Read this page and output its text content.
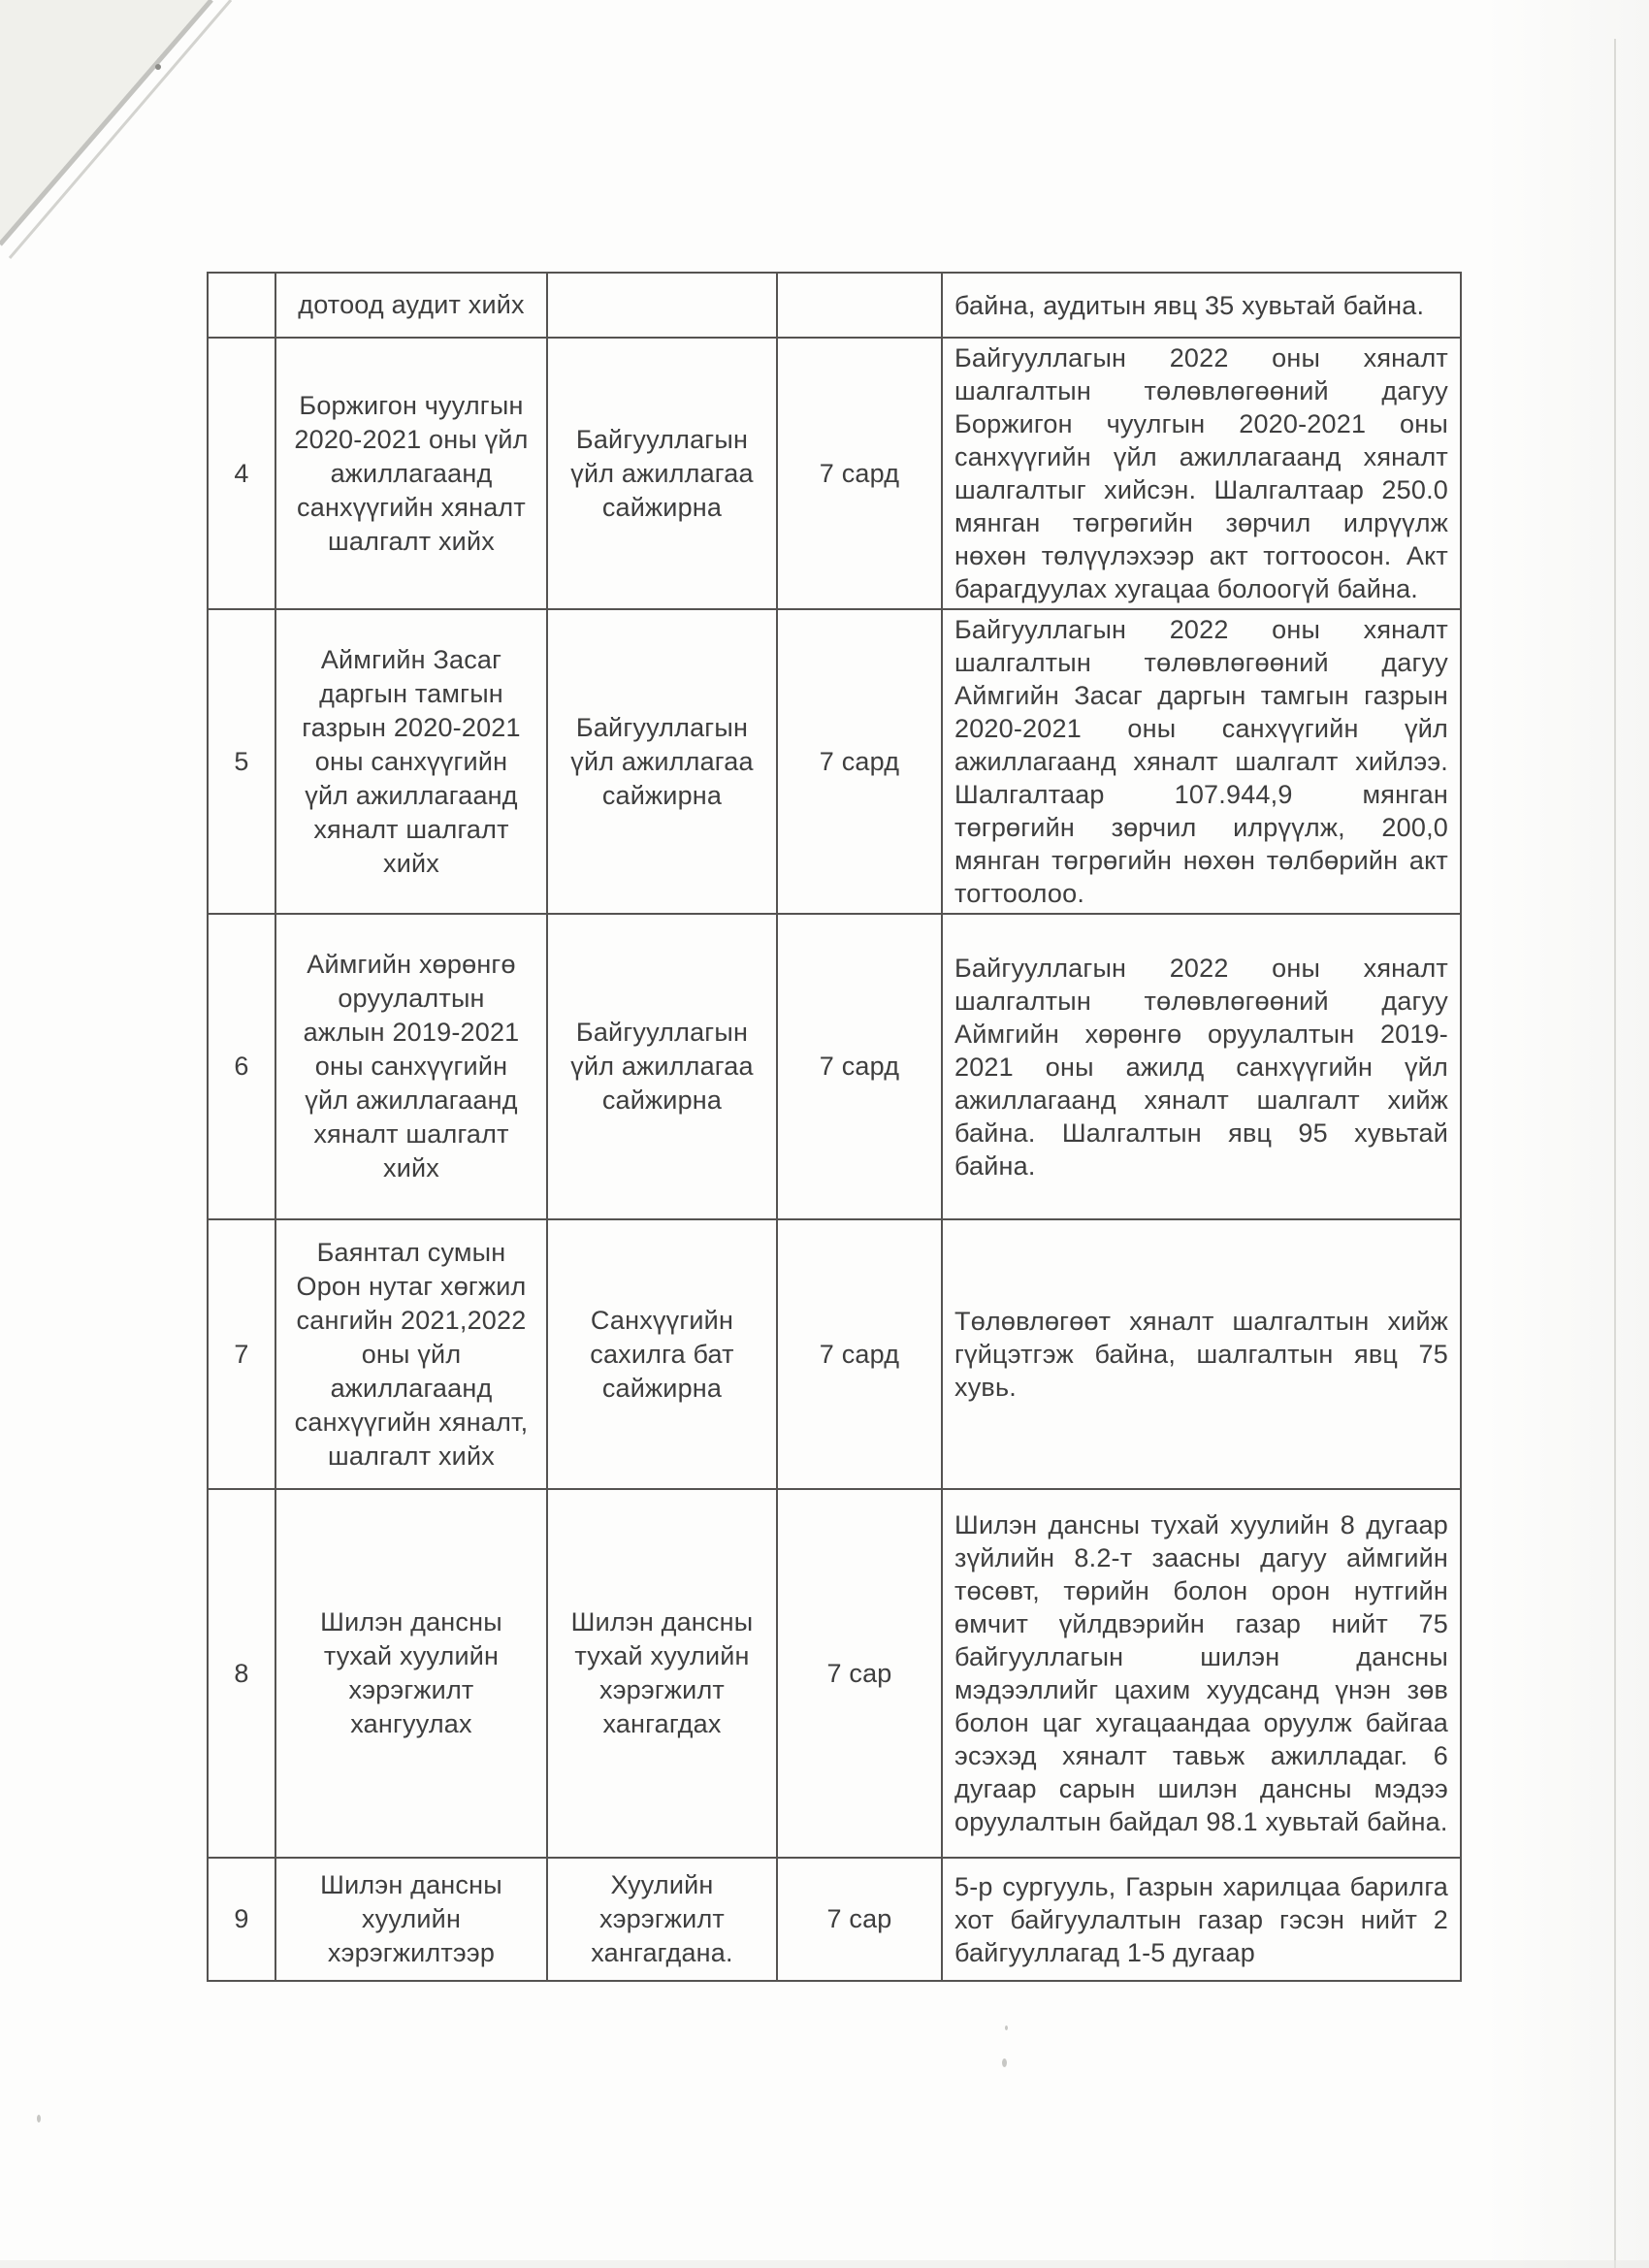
	дотоод аудит хийх			байна, аудитын явц 35 хувьтай байна.
4	Боржигон чуулгын 2020-2021 оны үйл ажиллагаанд санхүүгийн хяналт шалгалт хийх	Байгууллагын үйл ажиллагаа сайжирна	7 сард	Байгууллагын 2022 оны хяналт шалгалтын төлөвлөгөөний дагуу Боржигон чуулгын 2020-2021 оны санхүүгийн үйл ажиллагаанд хяналт шалгалтыг хийсэн. Шалгалтаар 250.0 мянган төгрөгийн зөрчил илрүүлж нөхөн төлүүлэхээр акт тогтоосон. Акт барагдуулах хугацаа болоогүй байна.
5	Аймгийн Засаг даргын тамгын газрын 2020-2021 оны санхүүгийн үйл ажиллагаанд хяналт шалгалт хийх	Байгууллагын үйл ажиллагаа сайжирна	7 сард	Байгууллагын 2022 оны хяналт шалгалтын төлөвлөгөөний дагуу Аймгийн Засаг даргын тамгын газрын 2020-2021 оны санхүүгийн үйл ажиллагаанд хяналт шалгалт хийлээ. Шалгалтаар 107.944,9 мянган төгрөгийн зөрчил илрүүлж, 200,0 мянган төгрөгийн нөхөн төлбөрийн акт тогтоолоо.
6	Аймгийн хөрөнгө оруулалтын ажлын 2019-2021 оны санхүүгийн үйл ажиллагаанд хяналт шалгалт хийх	Байгууллагын үйл ажиллагаа сайжирна	7 сард	Байгууллагын 2022 оны хяналт шалгалтын төлөвлөгөөний дагуу Аймгийн хөрөнгө оруулалтын 2019-2021 оны ажилд санхүүгийн үйл ажиллагаанд хяналт шалгалт хийж байна. Шалгалтын явц 95 хувьтай байна.
7	Баянтал сумын Орон нутаг хөгжил сангийн 2021,2022 оны үйл ажиллагаанд санхүүгийн хяналт, шалгалт хийх	Санхүүгийн сахилга бат сайжирна	7 сард	Төлөвлөгөөт хяналт шалгалтын хийж гүйцэтгэж байна, шалгалтын явц 75 хувь.
8	Шилэн дансны тухай хуулийн хэрэгжилт хангуулах	Шилэн дансны тухай хуулийн хэрэгжилт хангагдах	7 сар	Шилэн дансны тухай хуулийн 8 дугаар зүйлийн 8.2-т заасны дагуу аймгийн төсөвт, төрийн болон орон нутгийн өмчит үйлдвэрийн газар нийт 75 байгууллагын шилэн дансны мэдээллийг цахим хуудсанд үнэн зөв болон цаг хугацаандаа оруулж байгаа эсэхэд хяналт тавьж ажилладаг. 6 дугаар сарын шилэн дансны мэдээ оруулалтын байдал 98.1 хувьтай байна.
9	Шилэн дансны хуулийн хэрэгжилтээр	Хуулийн хэрэгжилт хангагдана.	7 сар	5-р сургууль, Газрын харилцаа барилга хот байгуулалтын газар гэсэн нийт 2 байгууллагад 1-5 дугаар
